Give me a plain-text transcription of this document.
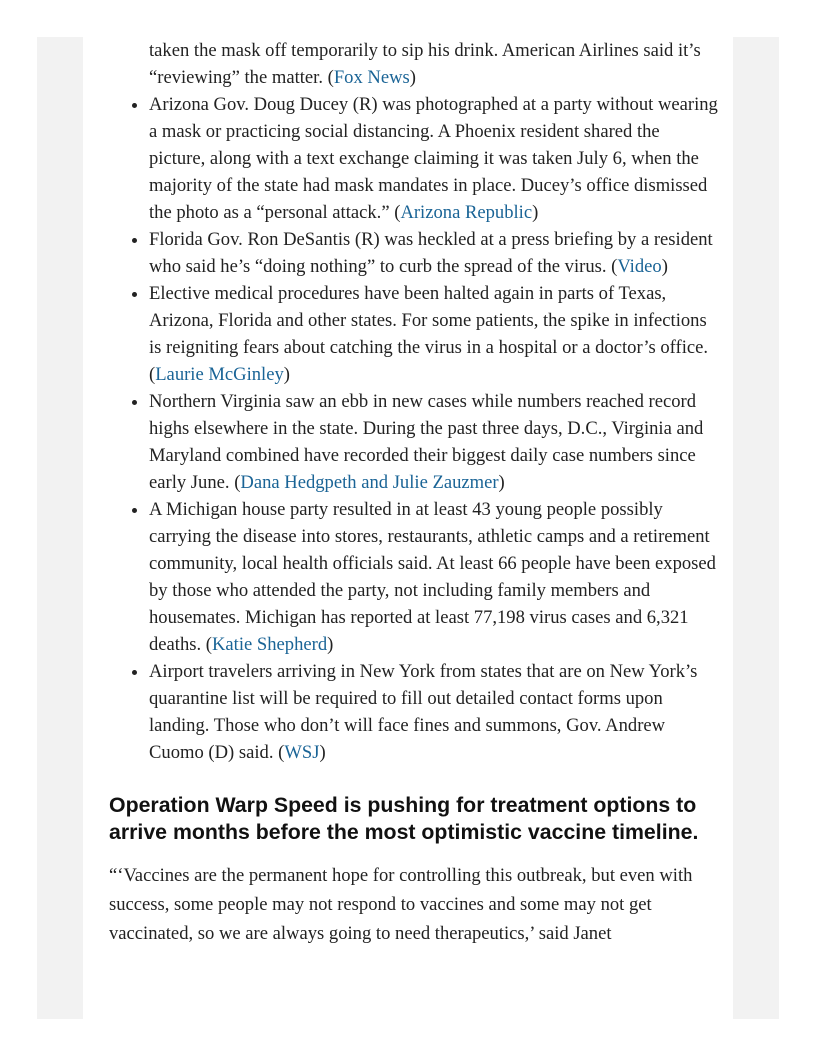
taken the mask off temporarily to sip his drink. American Airlines said it’s “reviewing” the matter. (Fox News)
• Arizona Gov. Doug Ducey (R) was photographed at a party without wearing a mask or practicing social distancing. A Phoenix resident shared the picture, along with a text exchange claiming it was taken July 6, when the majority of the state had mask mandates in place. Ducey’s office dismissed the photo as a “personal attack.” (Arizona Republic)
• Florida Gov. Ron DeSantis (R) was heckled at a press briefing by a resident who said he’s “doing nothing” to curb the spread of the virus. (Video)
• Elective medical procedures have been halted again in parts of Texas, Arizona, Florida and other states. For some patients, the spike in infections is reigniting fears about catching the virus in a hospital or a doctor’s office. (Laurie McGinley)
• Northern Virginia saw an ebb in new cases while numbers reached record highs elsewhere in the state. During the past three days, D.C., Virginia and Maryland combined have recorded their biggest daily case numbers since early June. (Dana Hedgpeth and Julie Zauzmer)
• A Michigan house party resulted in at least 43 young people possibly carrying the disease into stores, restaurants, athletic camps and a retirement community, local health officials said. At least 66 people have been exposed by those who attended the party, not including family members and housemates. Michigan has reported at least 77,198 virus cases and 6,321 deaths. (Katie Shepherd)
• Airport travelers arriving in New York from states that are on New York’s quarantine list will be required to fill out detailed contact forms upon landing. Those who don’t will face fines and summons, Gov. Andrew Cuomo (D) said. (WSJ)
Operation Warp Speed is pushing for treatment options to arrive months before the most optimistic vaccine timeline.

“‘Vaccines are the permanent hope for controlling this outbreak, but even with success, some people may not respond to vaccines and some may not get vaccinated, so we are always going to need therapeutics,’ said Janet
